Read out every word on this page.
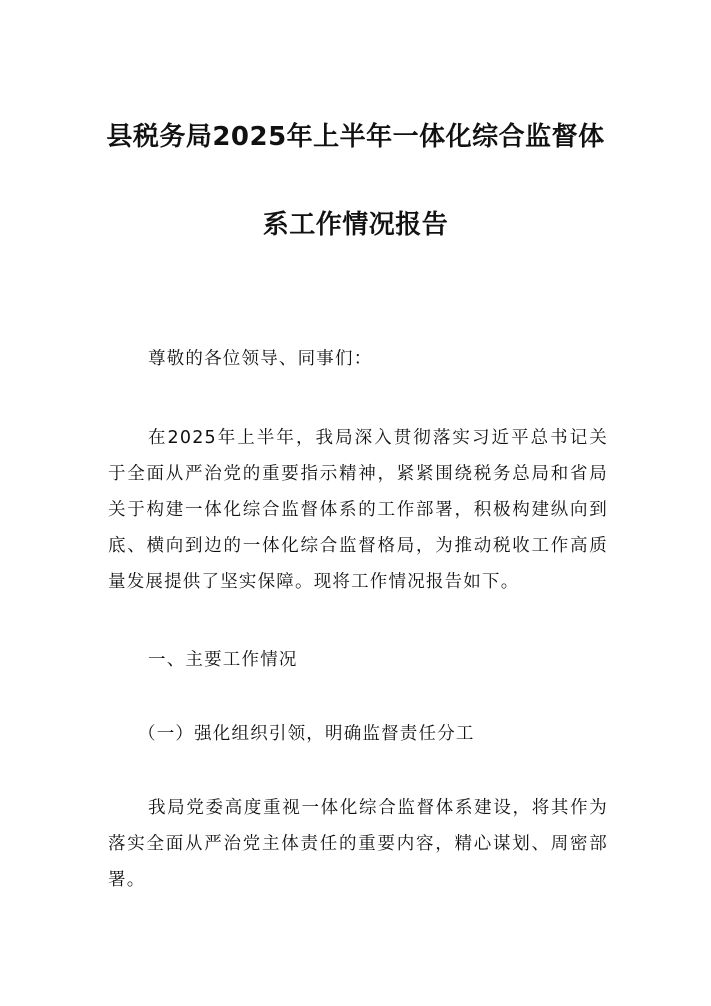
县税务局2025年上半年一体化综合监督体
系工作情况报告
尊敬的各位领导、同事们：
在2025年上半年，我局深入贯彻落实习近平总书记关于全面从严治党的重要指示精神，紧紧围绕税务总局和省局关于构建一体化综合监督体系的工作部署，积极构建纵向到底、横向到边的一体化综合监督格局，为推动税收工作高质量发展提供了坚实保障。现将工作情况报告如下。
一、主要工作情况
（一）强化组织引领，明确监督责任分工
我局党委高度重视一体化综合监督体系建设，将其作为落实全面从严治党主体责任的重要内容，精心谋划、周密部署。
